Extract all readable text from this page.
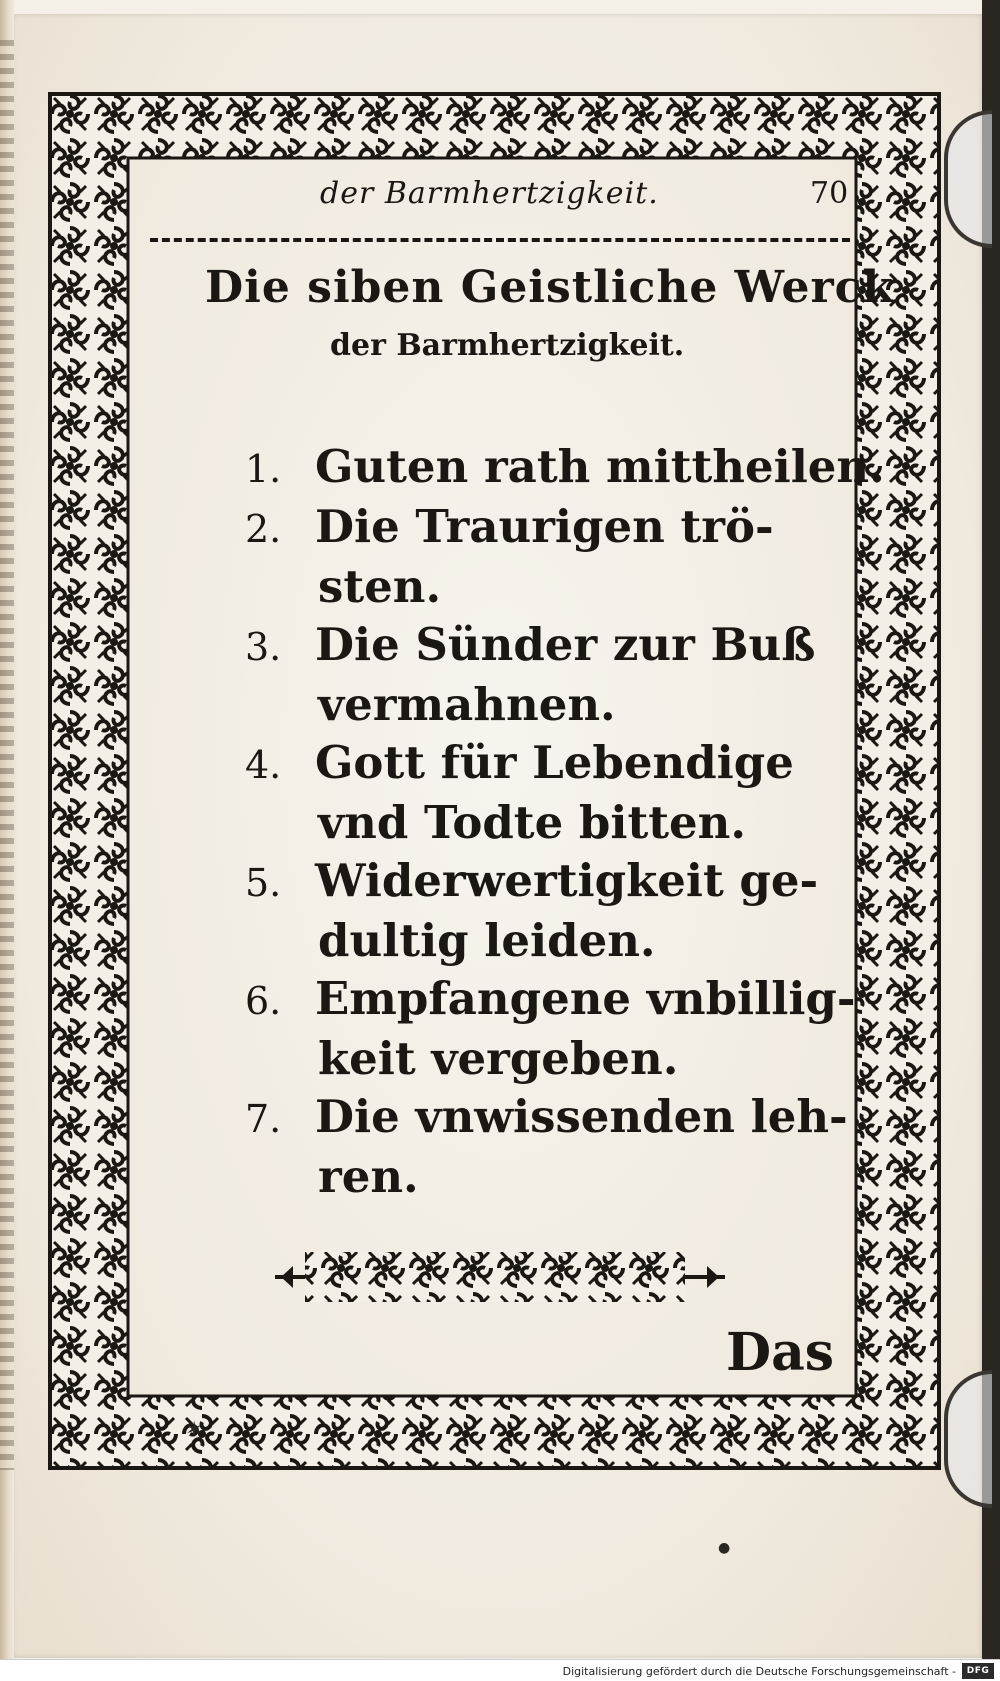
der Barmhertzigkeit.	70
Die siben Geistliche Werck
der Barmhertzigkeit.
1. Guten rath mittheilen.
2. Die Traurigen trö-
sten.
3. Die Sünder zur Buß
vermahnen.
4. Gott für Lebendige
vnd Todte bitten.
5. Widerwertigkeit ge-
dultig leiden.
6. Empfangene vnbillig-
keit vergeben.
7. Die vnwissenden leh-
ren.
Das
✶
●
Digitalisierung gefördert durch die Deutsche Forschungsgemeinschaft -	DFG
